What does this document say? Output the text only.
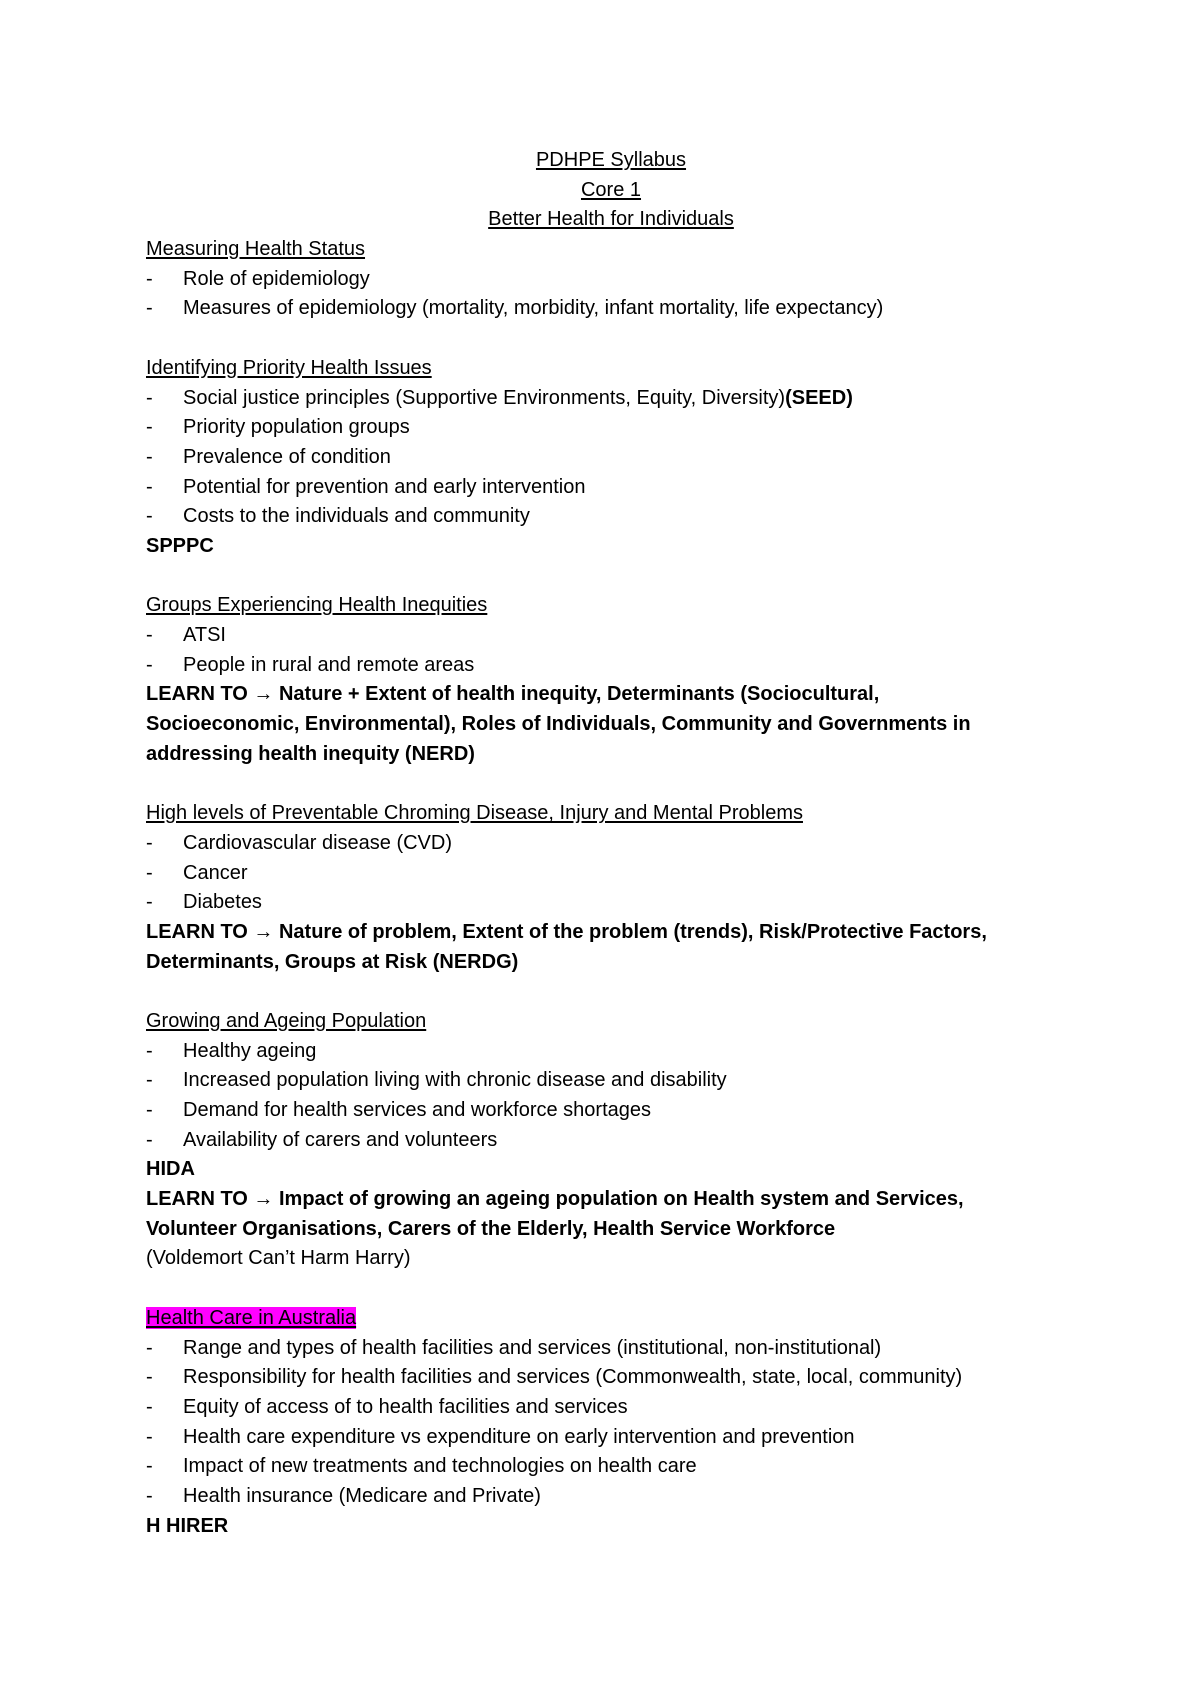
PDHPE Syllabus
Core 1
Better Health for Individuals
Measuring Health Status
- Role of epidemiology
- Measures of epidemiology (mortality, morbidity, infant mortality, life expectancy)
Identifying Priority Health Issues
- Social justice principles (Supportive Environments, Equity, Diversity)(SEED)
- Priority population groups
- Prevalence of condition
- Potential for prevention and early intervention
- Costs to the individuals and community
SPPPC
Groups Experiencing Health Inequities
- ATSI
- People in rural and remote areas
LEARN TO → Nature + Extent of health inequity, Determinants (Sociocultural,
Socioeconomic, Environmental), Roles of Individuals, Community and Governments in
addressing health inequity (NERD)
High levels of Preventable Chroming Disease, Injury and Mental Problems
- Cardiovascular disease (CVD)
- Cancer
- Diabetes
LEARN TO → Nature of problem, Extent of the problem (trends), Risk/Protective Factors,
Determinants, Groups at Risk (NERDG)
Growing and Ageing Population
- Healthy ageing
- Increased population living with chronic disease and disability
- Demand for health services and workforce shortages
- Availability of carers and volunteers
HIDA
LEARN TO → Impact of growing an ageing population on Health system and Services,
Volunteer Organisations, Carers of the Elderly, Health Service Workforce
(Voldemort Can’t Harm Harry)
Health Care in Australia
- Range and types of health facilities and services (institutional, non-institutional)
- Responsibility for health facilities and services (Commonwealth, state, local, community)
- Equity of access of to health facilities and services
- Health care expenditure vs expenditure on early intervention and prevention
- Impact of new treatments and technologies on health care
- Health insurance (Medicare and Private)
H HIRER
